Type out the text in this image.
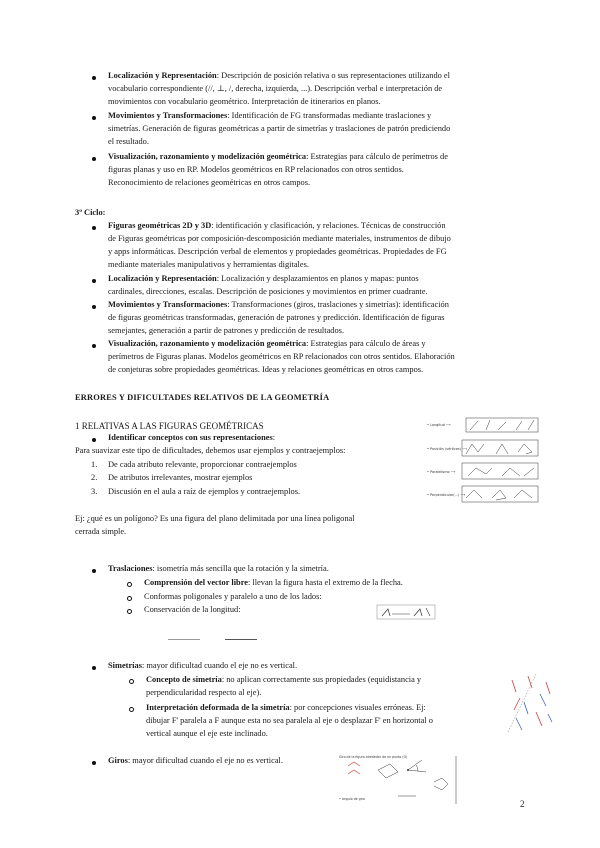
Localización y Representación: Descripción de posición relativa o sus representaciones utilizando el
vocabulario correspondiente (//, ⊥, /, derecha, izquierda, ...). Descripción verbal e interpretación de
movimientos con vocabulario geométrico. Interpretación de itinerarios en planos.
Movimientos y Transformaciones: Identificación de FG transformadas mediante traslaciones y
simetrías. Generación de figuras geométricas a partir de simetrías y traslaciones de patrón prediciendo
el resultado.
Visualización, razonamiento y modelización geométrica: Estrategias para cálculo de perímetros de
figuras planas y uso en RP. Modelos geométricos en RP relacionados con otros sentidos.
Reconocimiento de relaciones geométricas en otros campos.
3º Ciclo:
Figuras geométricas 2D y 3D: identificación y clasificación, y relaciones. Técnicas de construcción
de Figuras geométricas por composición-descomposición mediante materiales, instrumentos de dibujo
y apps informáticas. Descripción verbal de elementos y propiedades geométricas. Propiedades de FG
mediante materiales manipulativos y herramientas digitales.
Localización y Representación: Localización y desplazamientos en planos y mapas: puntos
cardinales, direcciones, escalas. Descripción de posiciones y movimientos en primer cuadrante.
Movimientos y Transformaciones: Transformaciones (giros, traslaciones y simetrías): identificación
de figuras geométricas transformadas, generación de patrones y predicción. Identificación de figuras
semejantes, generación a partir de patrones y predicción de resultados.
Visualización, razonamiento y modelización geométrica: Estrategias para cálculo de áreas y
perímetros de Figuras planas. Modelos geométricos en RP relacionados con otros sentidos. Elaboración
de conjeturas sobre propiedades geométricas. Ideas y relaciones geométricas en otros campos.
ERRORES Y DIFICULTADES RELATIVOS DE LA GEOMETRÍA
1 RELATIVAS A LAS FIGURAS GEOMÉTRICAS
Identificar conceptos con sus representaciones:
Para suavizar este tipo de dificultades, debemos usar ejemplos y contraejemplos:
1. De cada atributo relevante, proporcionar contraejemplos
2. De atributos irrelevantes, mostrar ejemplos
3. Discusión en el aula a raíz de ejemplos y contraejemplos.
Ej: ¿qué es un polígono? Es una figura del plano delimitada por una línea poligonal
cerrada simple.
• Longitud ⟶
• Posición (vértices) ⟶
• Paralelismo ⟶
• Perpendicular(...) ⟶
Traslaciones: isometría más sencilla que la rotación y la simetría.
Comprensión del vector libre: llevan la figura hasta el extremo de la flecha.
Conformas poligonales y paralelo a uno de los lados:
Conservación de la longitud:
Simetrías: mayor dificultad cuando el eje no es vertical.
Concepto de simetría: no aplican correctamente sus propiedades (equidistancia y
perpendicularidad respecto al eje).
Interpretación deformada de la simetría: por concepciones visuales erróneas. Ej:
dibujar F' paralela a F aunque esta no sea paralela al eje o desplazar F' en horizontal o
vertical aunque el eje este inclinado.
Giros: mayor dificultad cuando el eje no es vertical.	Giro de la figura alrededor de un punto (O)
• ángulo de giro	2
